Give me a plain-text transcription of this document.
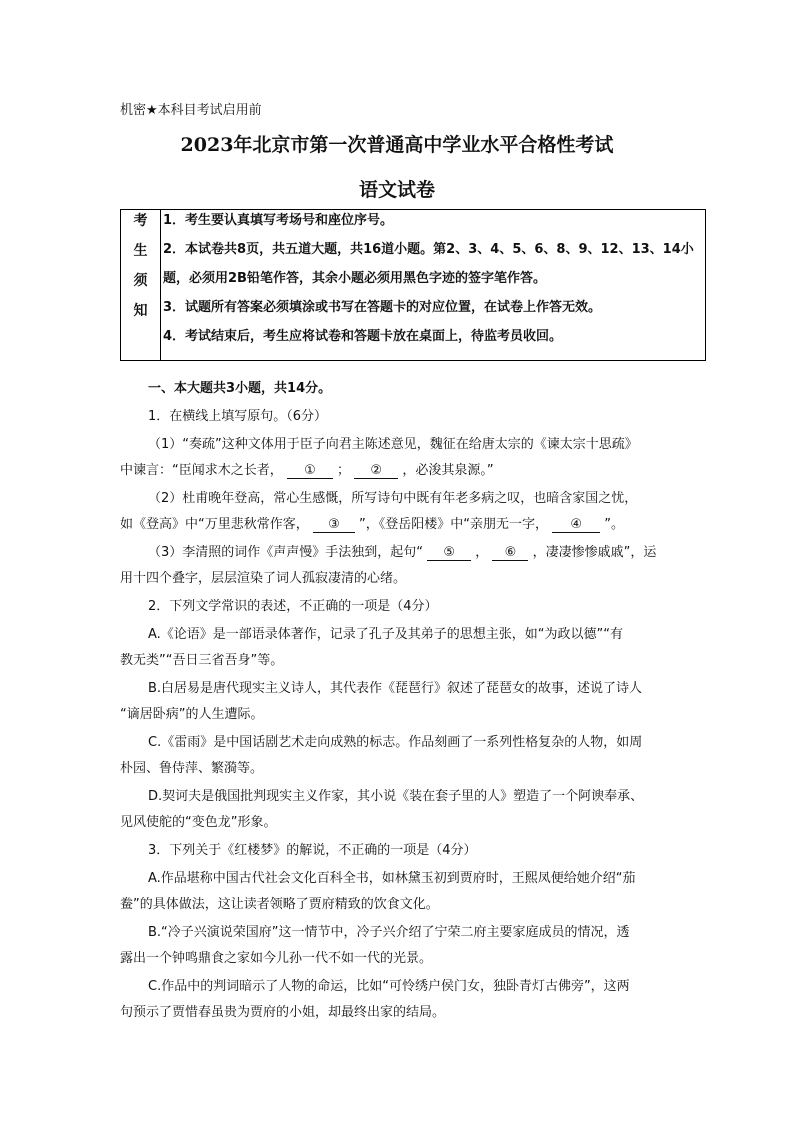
机密★本科目考试启用前
2023年北京市第一次普通高中学业水平合格性考试
语文试卷
考
生
须
知

1．考生要认真填写考场号和座位序号。
2．本试卷共8页，共五道大题，共16道小题。第2、3、4、5、6、8、9、12、13、14小
题，必须用2B铅笔作答，其余小题必须用黑色字迹的签字笔作答。
3．试题所有答案必须填涂或书写在答题卡的对应位置，在试卷上作答无效。
4．考试结束后，考生应将试卷和答题卡放在桌面上，待监考员收回。
一、本大题共3小题，共14分。
1．在横线上填写原句。（6分）
（1）“奏疏”这种文体用于臣子向君主陈述意见，魏征在给唐太宗的《谏太宗十思疏》
中谏言：“臣闻求木之长者， ① ； ② ，必浚其泉源。”
（2）杜甫晚年登高，常心生感慨，所写诗句中既有年老多病之叹，也暗含家国之忧，
如《登高》中“万里悲秋常作客， ③ ”，《登岳阳楼》中“亲朋无一字， ④ ”。
（3）李清照的词作《声声慢》手法独到，起句“ ⑤ ， ⑥ ，凄凄惨惨戚戚”，运
用十四个叠字，层层渲染了词人孤寂凄清的心绪。
2．下列文学常识的表述，不正确的一项是（4分）
A.《论语》是一部语录体著作，记录了孔子及其弟子的思想主张，如“为政以德”“有
教无类”“吾日三省吾身”等。
B.白居易是唐代现实主义诗人，其代表作《琵琶行》叙述了琵琶女的故事，述说了诗人
“谪居卧病”的人生遭际。
C.《雷雨》是中国话剧艺术走向成熟的标志。作品刻画了一系列性格复杂的人物，如周
朴园、鲁侍萍、繁漪等。
D.契诃夫是俄国批判现实主义作家，其小说《装在套子里的人》塑造了一个阿谀奉承、
见风使舵的“变色龙”形象。
3．下列关于《红楼梦》的解说，不正确的一项是（4分）
A.作品堪称中国古代社会文化百科全书，如林黛玉初到贾府时，王熙凤便给她介绍“茄
鲞”的具体做法，这让读者领略了贾府精致的饮食文化。
B.“冷子兴演说荣国府”这一情节中，冷子兴介绍了宁荣二府主要家庭成员的情况，透
露出一个钟鸣鼎食之家如今儿孙一代不如一代的光景。
C.作品中的判词暗示了人物的命运，比如“可怜绣户侯门女，独卧青灯古佛旁”，这两
句预示了贾惜春虽贵为贾府的小姐，却最终出家的结局。
